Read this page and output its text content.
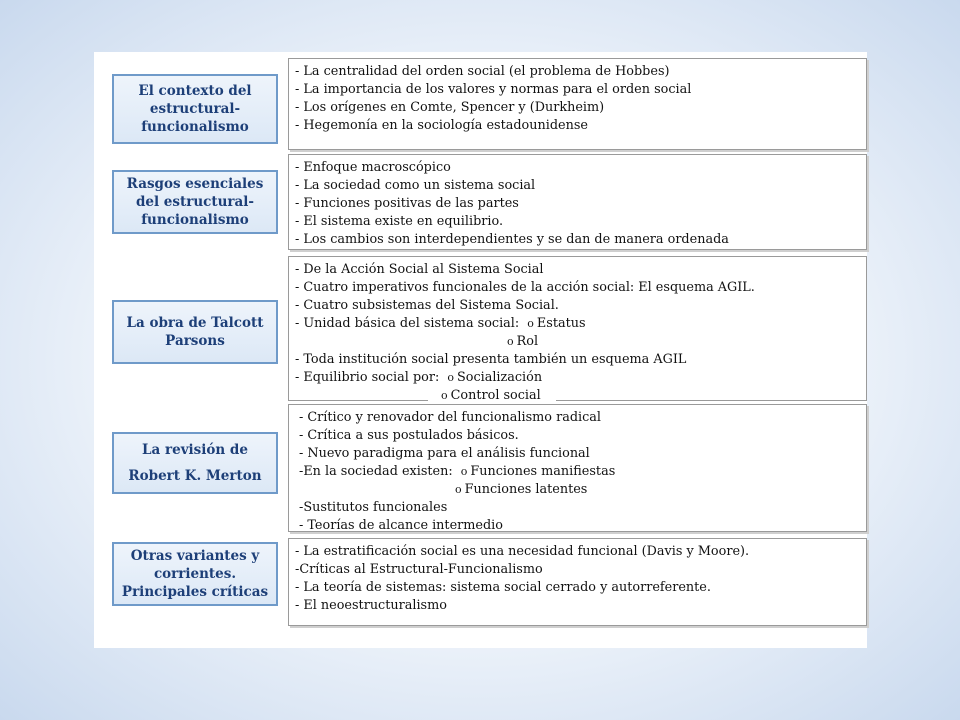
El contexto del estructural- funcionalismo
- La centralidad del orden social (el problema de Hobbes)
- La importancia de los valores y normas para el orden social
- Los orígenes en Comte, Spencer y (Durkheim)
- Hegemonía en la sociología estadounidense
Rasgos esenciales del estructural- funcionalismo
- Enfoque macroscópico
- La sociedad como un sistema social
- Funciones positivas de las partes
- El sistema existe en equilibrio.
- Los cambios son interdependientes y se dan de manera ordenada
La obra de Talcott Parsons
- De la Acción Social al Sistema Social
- Cuatro imperativos funcionales de la acción social: El esquema AGIL.
- Cuatro subsistemas del Sistema Social.
- Unidad básica del sistema social: o Estatus
o Rol
- Toda institución social presenta también un esquema AGIL
- Equilibrio social por: o Socialización
o Control social
La revisión de
Robert K. Merton
- Crítico y renovador del funcionalismo radical
- Crítica a sus postulados básicos.
- Nuevo paradigma para el análisis funcional
-En la sociedad existen: o Funciones manifiestas
o Funciones latentes
-Sustitutos funcionales
- Teorías de alcance intermedio
Otras variantes y corrientes. Principales críticas
- La estratificación social es una necesidad funcional (Davis y Moore).
-Críticas al Estructural-Funcionalismo
- La teoría de sistemas: sistema social cerrado y autorreferente.
- El neoestructuralismo
